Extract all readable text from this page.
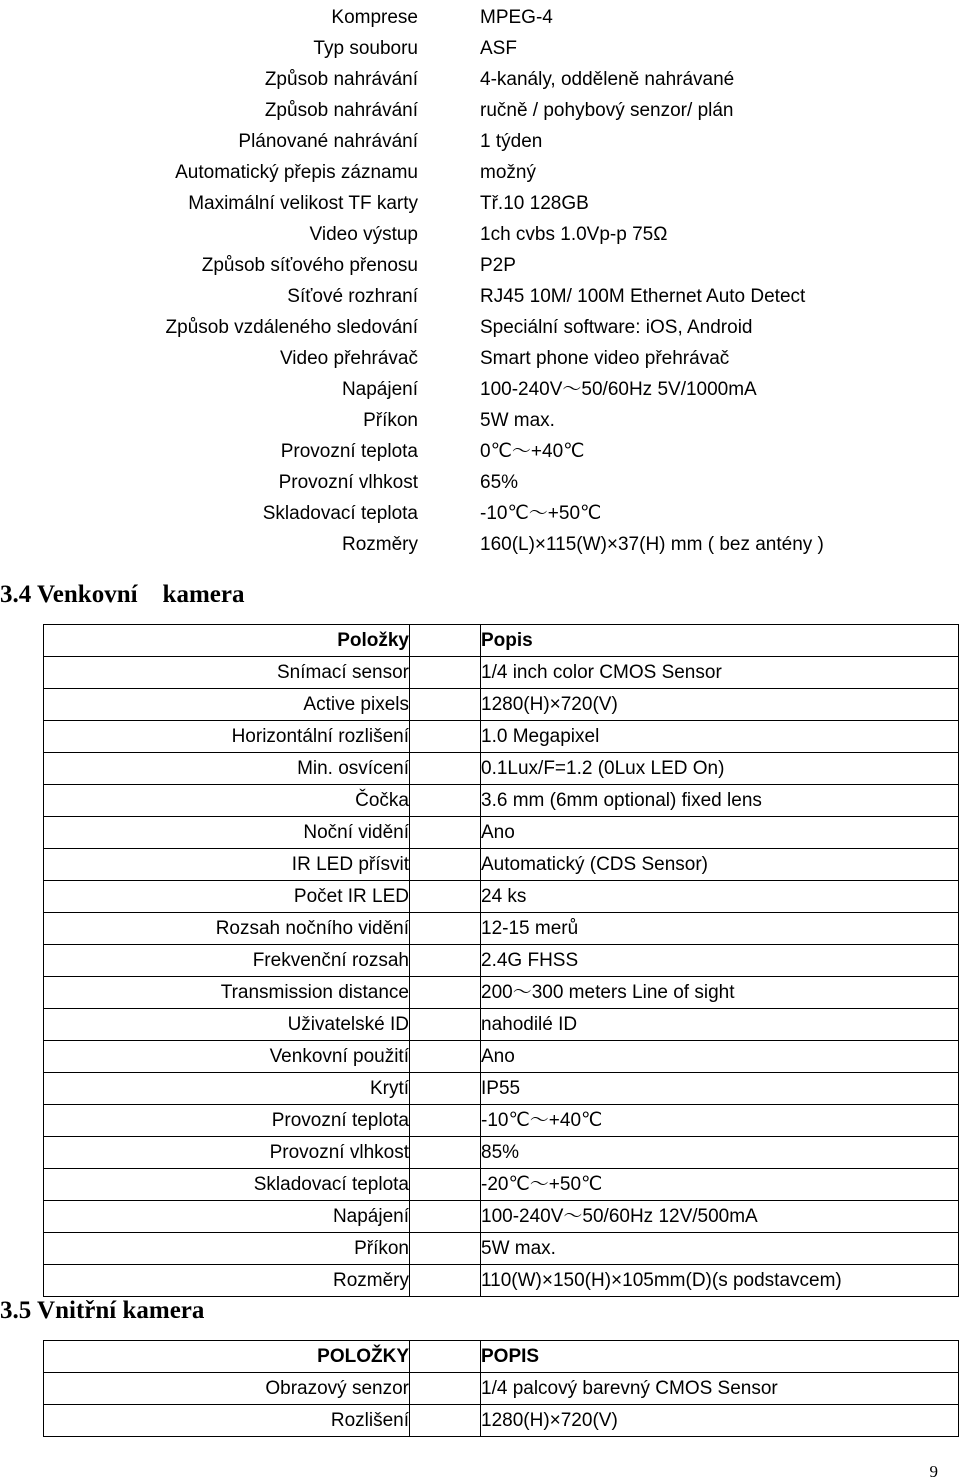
Komprese		MPEG-4
Typ souboru		ASF
Způsob nahrávání		4-kanály, odděleně nahrávané
Způsob nahrávání		ručně / pohybový senzor/ plán
Plánované nahrávání		1 týden
Automatický přepis záznamu		možný
Maximální velikost TF karty		Tř.10 128GB
Video výstup		1ch cvbs 1.0Vp-p 75Ω
Způsob síťového přenosu		P2P
Síťové rozhraní		RJ45 10M/ 100M Ethernet Auto Detect
Způsob vzdáleného sledování		Speciální software: iOS, Android
Video přehrávač		Smart phone video přehrávač
Napájení		100-240V～50/60Hz 5V/1000mA
Příkon		5W max.
Provozní teplota		0℃～+40℃
Provozní vlhkost		65%
Skladovací teplota		-10℃～+50℃
Rozměry		160(L)×115(W)×37(H) mm ( bez antény )
3.4 Venkovní    kamera
Položky		Popis
Snímací sensor		1/4 inch color CMOS Sensor
Active pixels		1280(H)×720(V)
Horizontální rozlišení		1.0 Megapixel
Min. osvícení		0.1Lux/F=1.2 (0Lux LED On)
Čočka		3.6 mm (6mm optional) fixed lens
Noční vidění		Ano
IR LED přísvit		Automatický (CDS Sensor)
Počet IR LED		24 ks
Rozsah nočního vidění		12-15 merů
Frekvenční rozsah		2.4G FHSS
Transmission distance		200～300 meters Line of sight
Uživatelské ID		nahodilé ID
Venkovní použití		Ano
Krytí		IP55
Provozní teplota		-10℃～+40℃
Provozní vlhkost		85%
Skladovací teplota		-20℃～+50℃
Napájení		100-240V～50/60Hz 12V/500mA
Příkon		5W max.
Rozměry		110(W)×150(H)×105mm(D)(s podstavcem)
3.5 Vnitřní kamera
POLOŽKY		POPIS
Obrazový senzor		1/4 palcový barevný CMOS Sensor
Rozlišení		1280(H)×720(V)
9
